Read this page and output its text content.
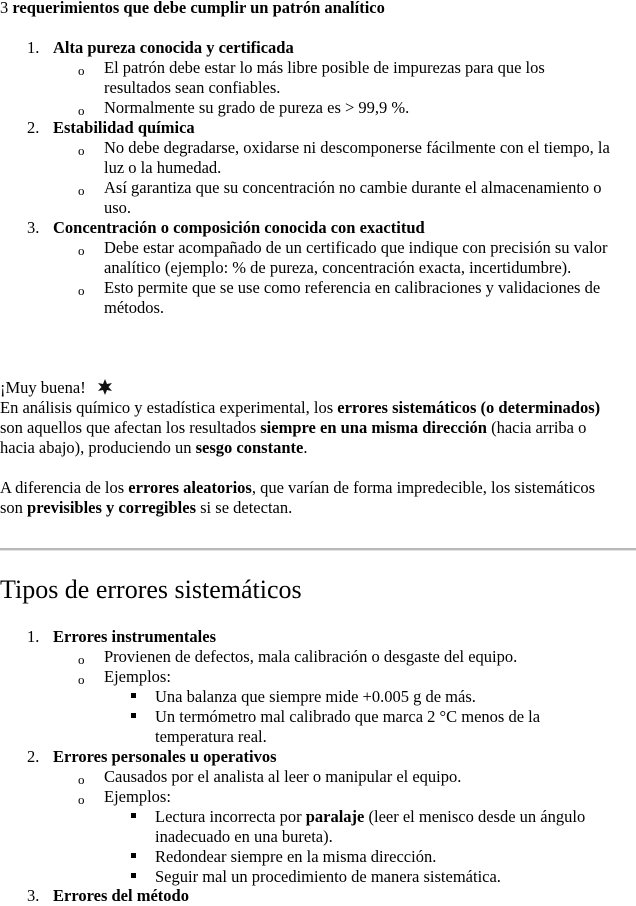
3 requerimientos que debe cumplir un patrón analítico
1. Alta pureza conocida y certificada
o El patrón debe estar lo más libre posible de impurezas para que los
resultados sean confiables.
o Normalmente su grado de pureza es > 99,9 %.
2. Estabilidad química
o No debe degradarse, oxidarse ni descomponerse fácilmente con el tiempo, la
luz o la humedad.
o Así garantiza que su concentración no cambie durante el almacenamiento o
uso.
3. Concentración o composición conocida con exactitud
o Debe estar acompañado de un certificado que indique con precisión su valor
analítico (ejemplo: % de pureza, concentración exacta, incertidumbre).
o Esto permite que se use como referencia en calibraciones y validaciones de
métodos.
¡Muy buena!
En análisis químico y estadística experimental, los errores sistemáticos (o determinados)
son aquellos que afectan los resultados siempre en una misma dirección (hacia arriba o
hacia abajo), produciendo un sesgo constante.
A diferencia de los errores aleatorios, que varían de forma impredecible, los sistemáticos
son previsibles y corregibles si se detectan.
Tipos de errores sistemáticos
1. Errores instrumentales
o Provienen de defectos, mala calibración o desgaste del equipo.
o Ejemplos:
Una balanza que siempre mide +0.005 g de más.
Un termómetro mal calibrado que marca 2 °C menos de la
temperatura real.
2. Errores personales u operativos
o Causados por el analista al leer o manipular el equipo.
o Ejemplos:
Lectura incorrecta por paralaje (leer el menisco desde un ángulo
inadecuado en una bureta).
Redondear siempre en la misma dirección.
Seguir mal un procedimiento de manera sistemática.
3. Errores del método
